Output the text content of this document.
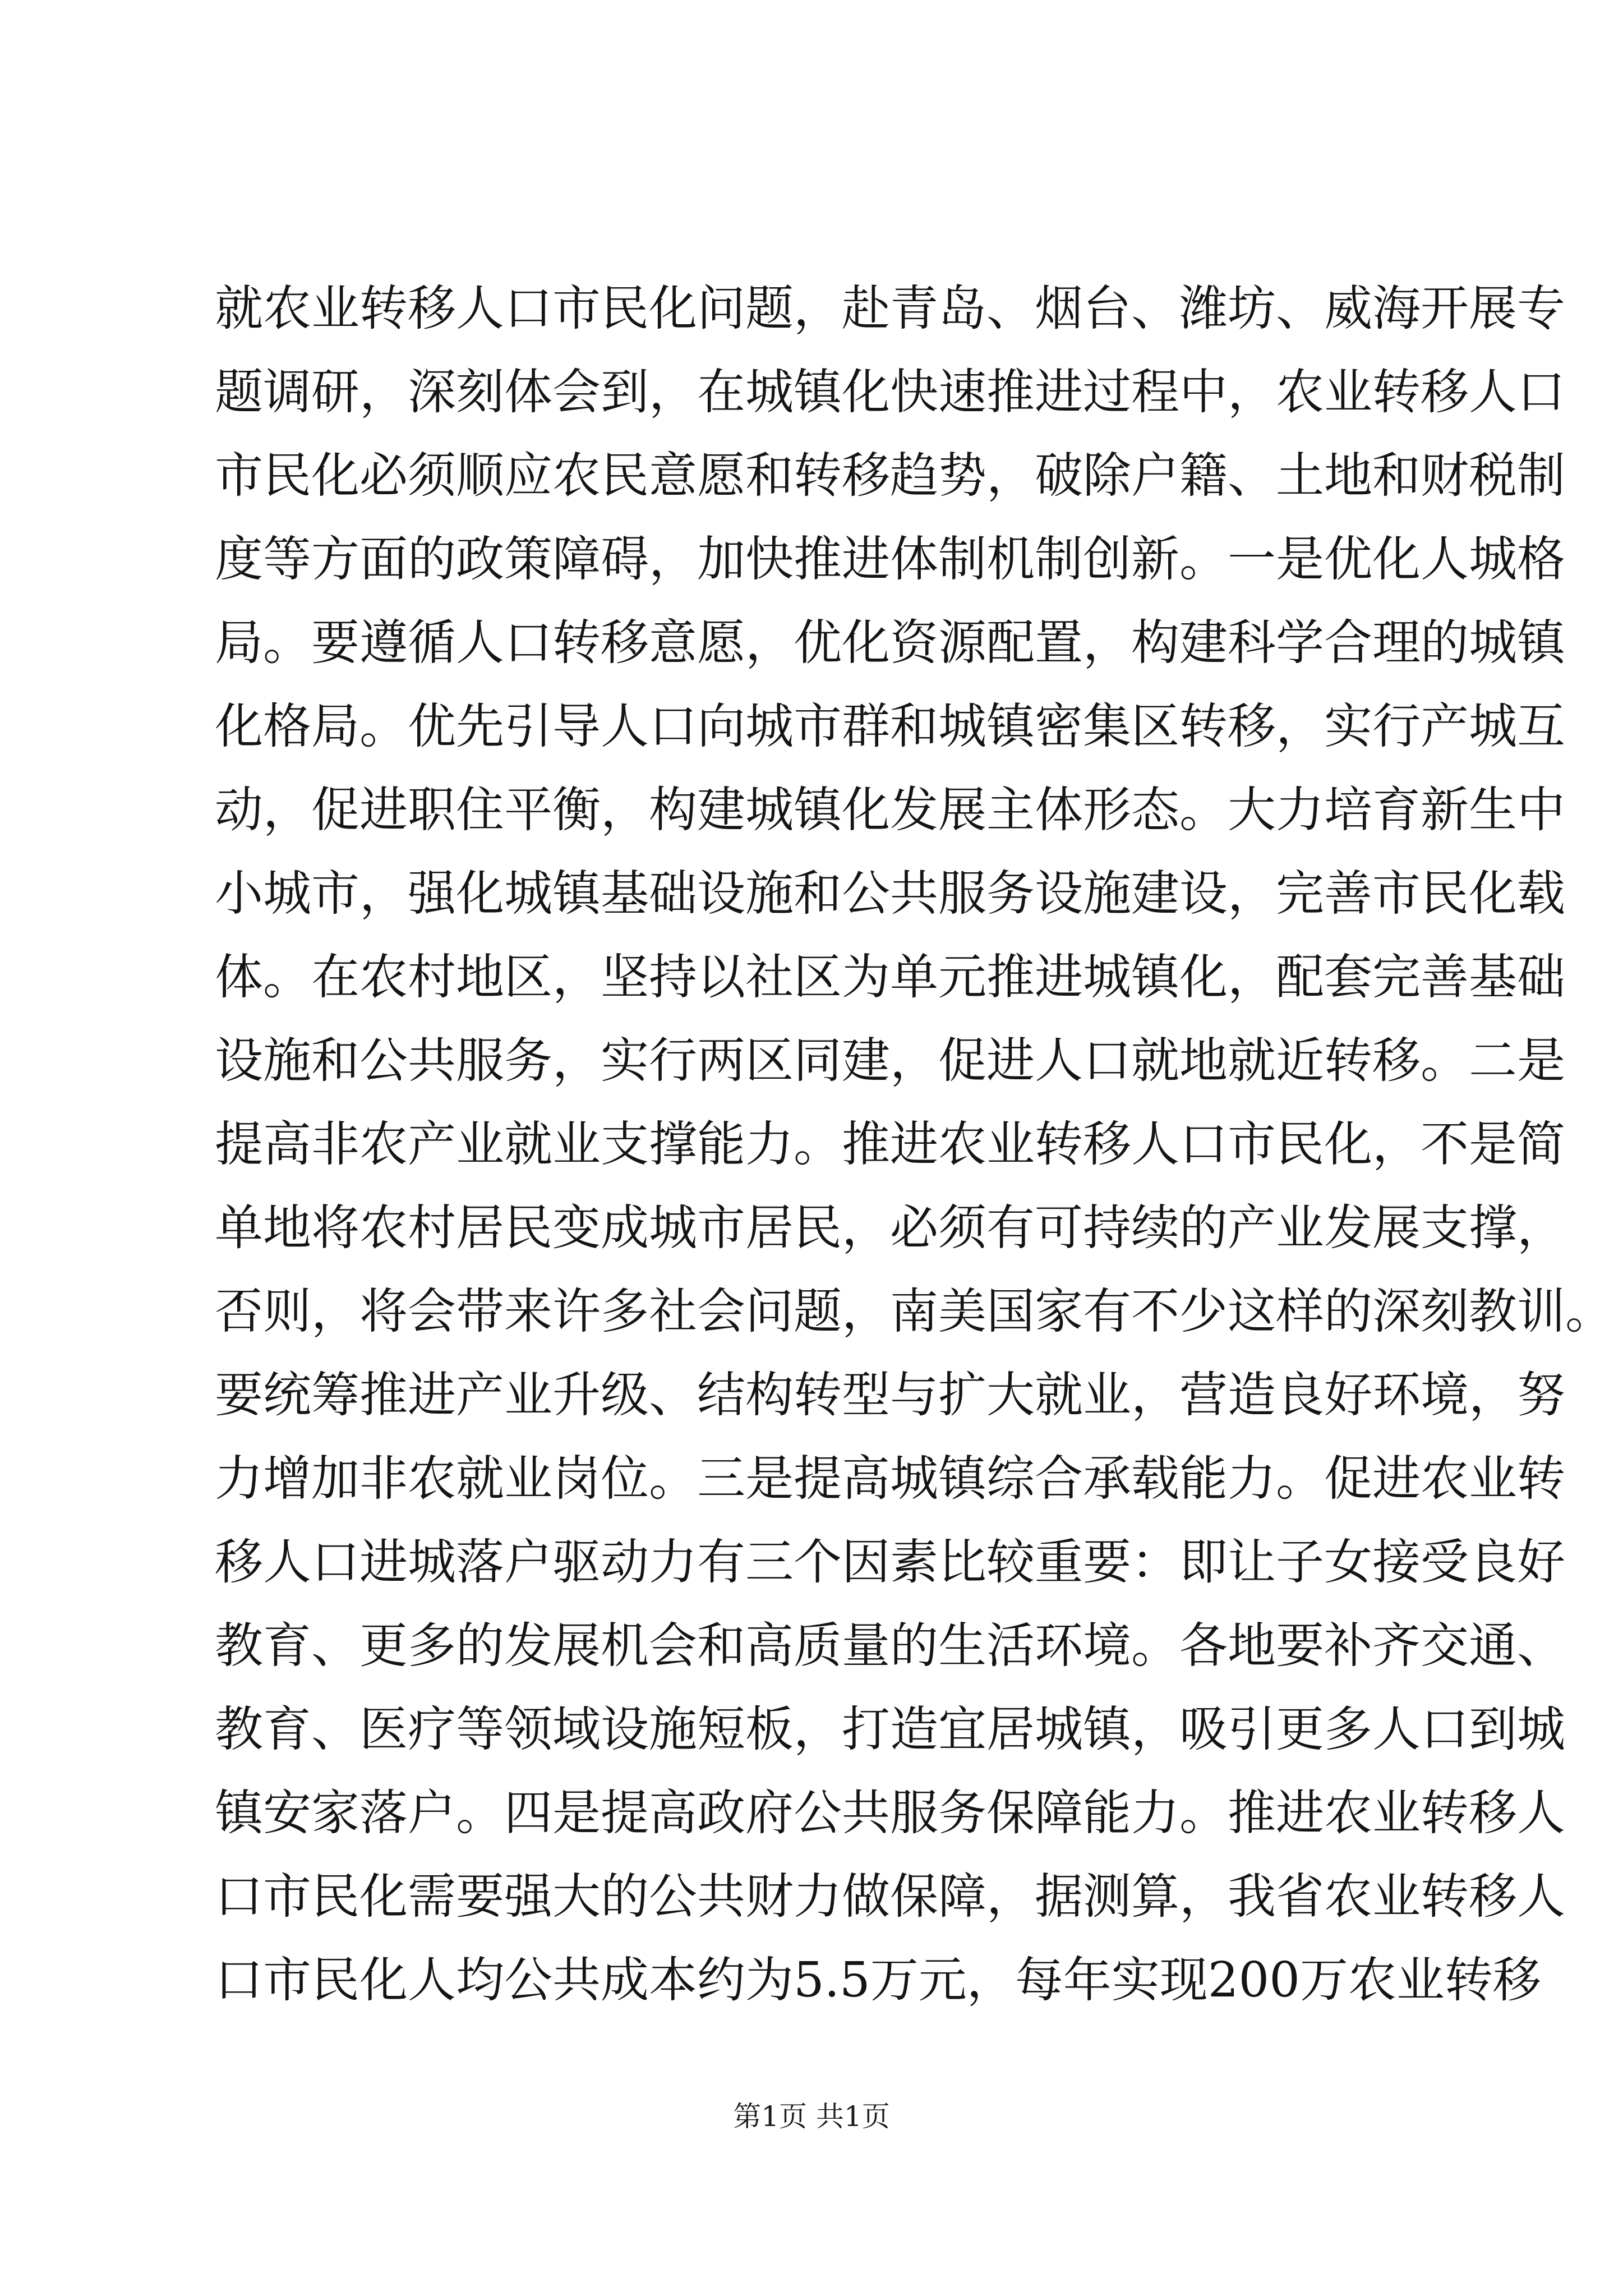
就农业转移人口市民化问题，赴青岛、烟台、潍坊、威海开展专
题调研，深刻体会到，在城镇化快速推进过程中，农业转移人口
市民化必须顺应农民意愿和转移趋势，破除户籍、土地和财税制
度等方面的政策障碍，加快推进体制机制创新。一是优化人城格
局。要遵循人口转移意愿，优化资源配置，构建科学合理的城镇
化格局。优先引导人口向城市群和城镇密集区转移，实行产城互
动，促进职住平衡，构建城镇化发展主体形态。大力培育新生中
小城市，强化城镇基础设施和公共服务设施建设，完善市民化载
体。在农村地区，坚持以社区为单元推进城镇化，配套完善基础
设施和公共服务，实行两区同建，促进人口就地就近转移。二是
提高非农产业就业支撑能力。推进农业转移人口市民化，不是简
单地将农村居民变成城市居民，必须有可持续的产业发展支撑，
否则，将会带来许多社会问题，南美国家有不少这样的深刻教训。
要统筹推进产业升级、结构转型与扩大就业，营造良好环境，努
力增加非农就业岗位。三是提高城镇综合承载能力。促进农业转
移人口进城落户驱动力有三个因素比较重要：即让子女接受良好
教育、更多的发展机会和高质量的生活环境。各地要补齐交通、
教育、医疗等领域设施短板，打造宜居城镇，吸引更多人口到城
镇安家落户。四是提高政府公共服务保障能力。推进农业转移人
口市民化需要强大的公共财力做保障，据测算，我省农业转移人
口市民化人均公共成本约为5.5万元，每年实现200万农业转移
第1页 共1页
